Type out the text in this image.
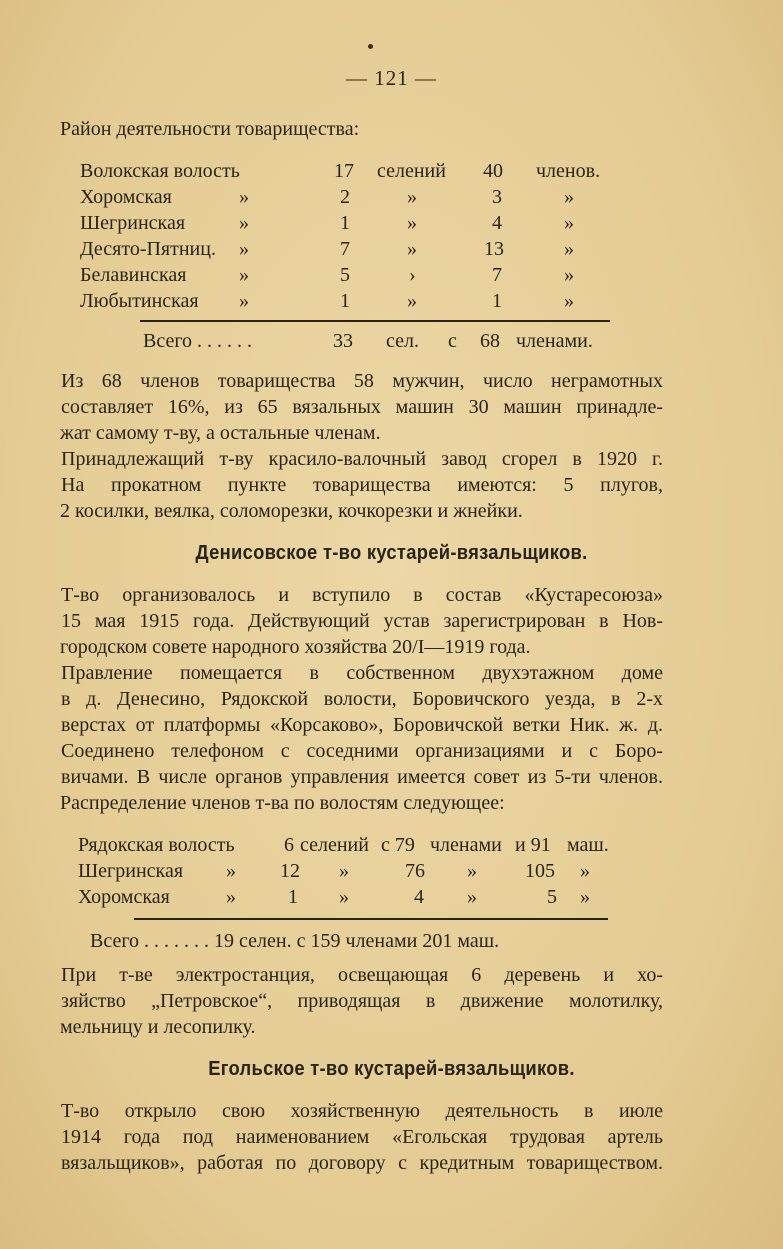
— 121 —
Район деятельности товарищества:
Волокская волость	17 селений 40 членов.
Хоромская	»	2	»	3	»
Шегринская	»	1	»	4	»
Десято-Пятниц. »	7	»	13	»
Белавинская	»	5	›	7	»
Любытинская »	1	»	1	»
Всего . . . . . .	33 сел. с 68 членами.
Из 68 членов товарищества 58 мужчин, число неграмотных
составляет 16%, из 65 вязальных машин 30 машин принадле-
жат самому т-ву, а остальные членам.
Принадлежащий т-ву красило-валочный завод сгорел в 1920 г.
На прокатном пункте товарищества имеются: 5 плугов,
2 косилки, веялка, соломорезки, кочкорезки и жнейки.
Денисовское т-во кустарей-вязальщиков.
Т-во организовалось и вступило в состав «Кустаресоюза»
15 мая 1915 года. Действующий устав зарегистрирован в Нов-
городском совете народного хозяйства 20/I—1919 года.
Правление помещается в собственном двухэтажном доме
в д. Денесино, Рядокской волости, Боровичского уезда, в 2-х
верстах от платформы «Корсаково», Боровичской ветки Ник. ж. д.
Соединено телефоном с соседними организациями и с Боро-
вичами. В числе органов управления имеется совет из 5-ти членов.
Распределение членов т-ва по волостям следующее:
Рядокская волость 6 селений с 79 членами и 91 маш.
Шегринская » 12 »	76 » 105 »
Хоромская	»	1 »	4 »	5 »
Всего . . . . . . . 19 селен. с 159 членами 201 маш.
При т-ве электростанция, освещающая 6 деревень и хо-
зяйство „Петровское“, приводящая в движение молотилку,
мельницу и лесопилку.
Егольское т-во кустарей-вязальщиков.
Т-во открыло свою хозяйственную деятельность в июле
1914 года под наименованием «Егольская трудовая артель
вязальщиков», работая по договору с кредитным товариществом.
